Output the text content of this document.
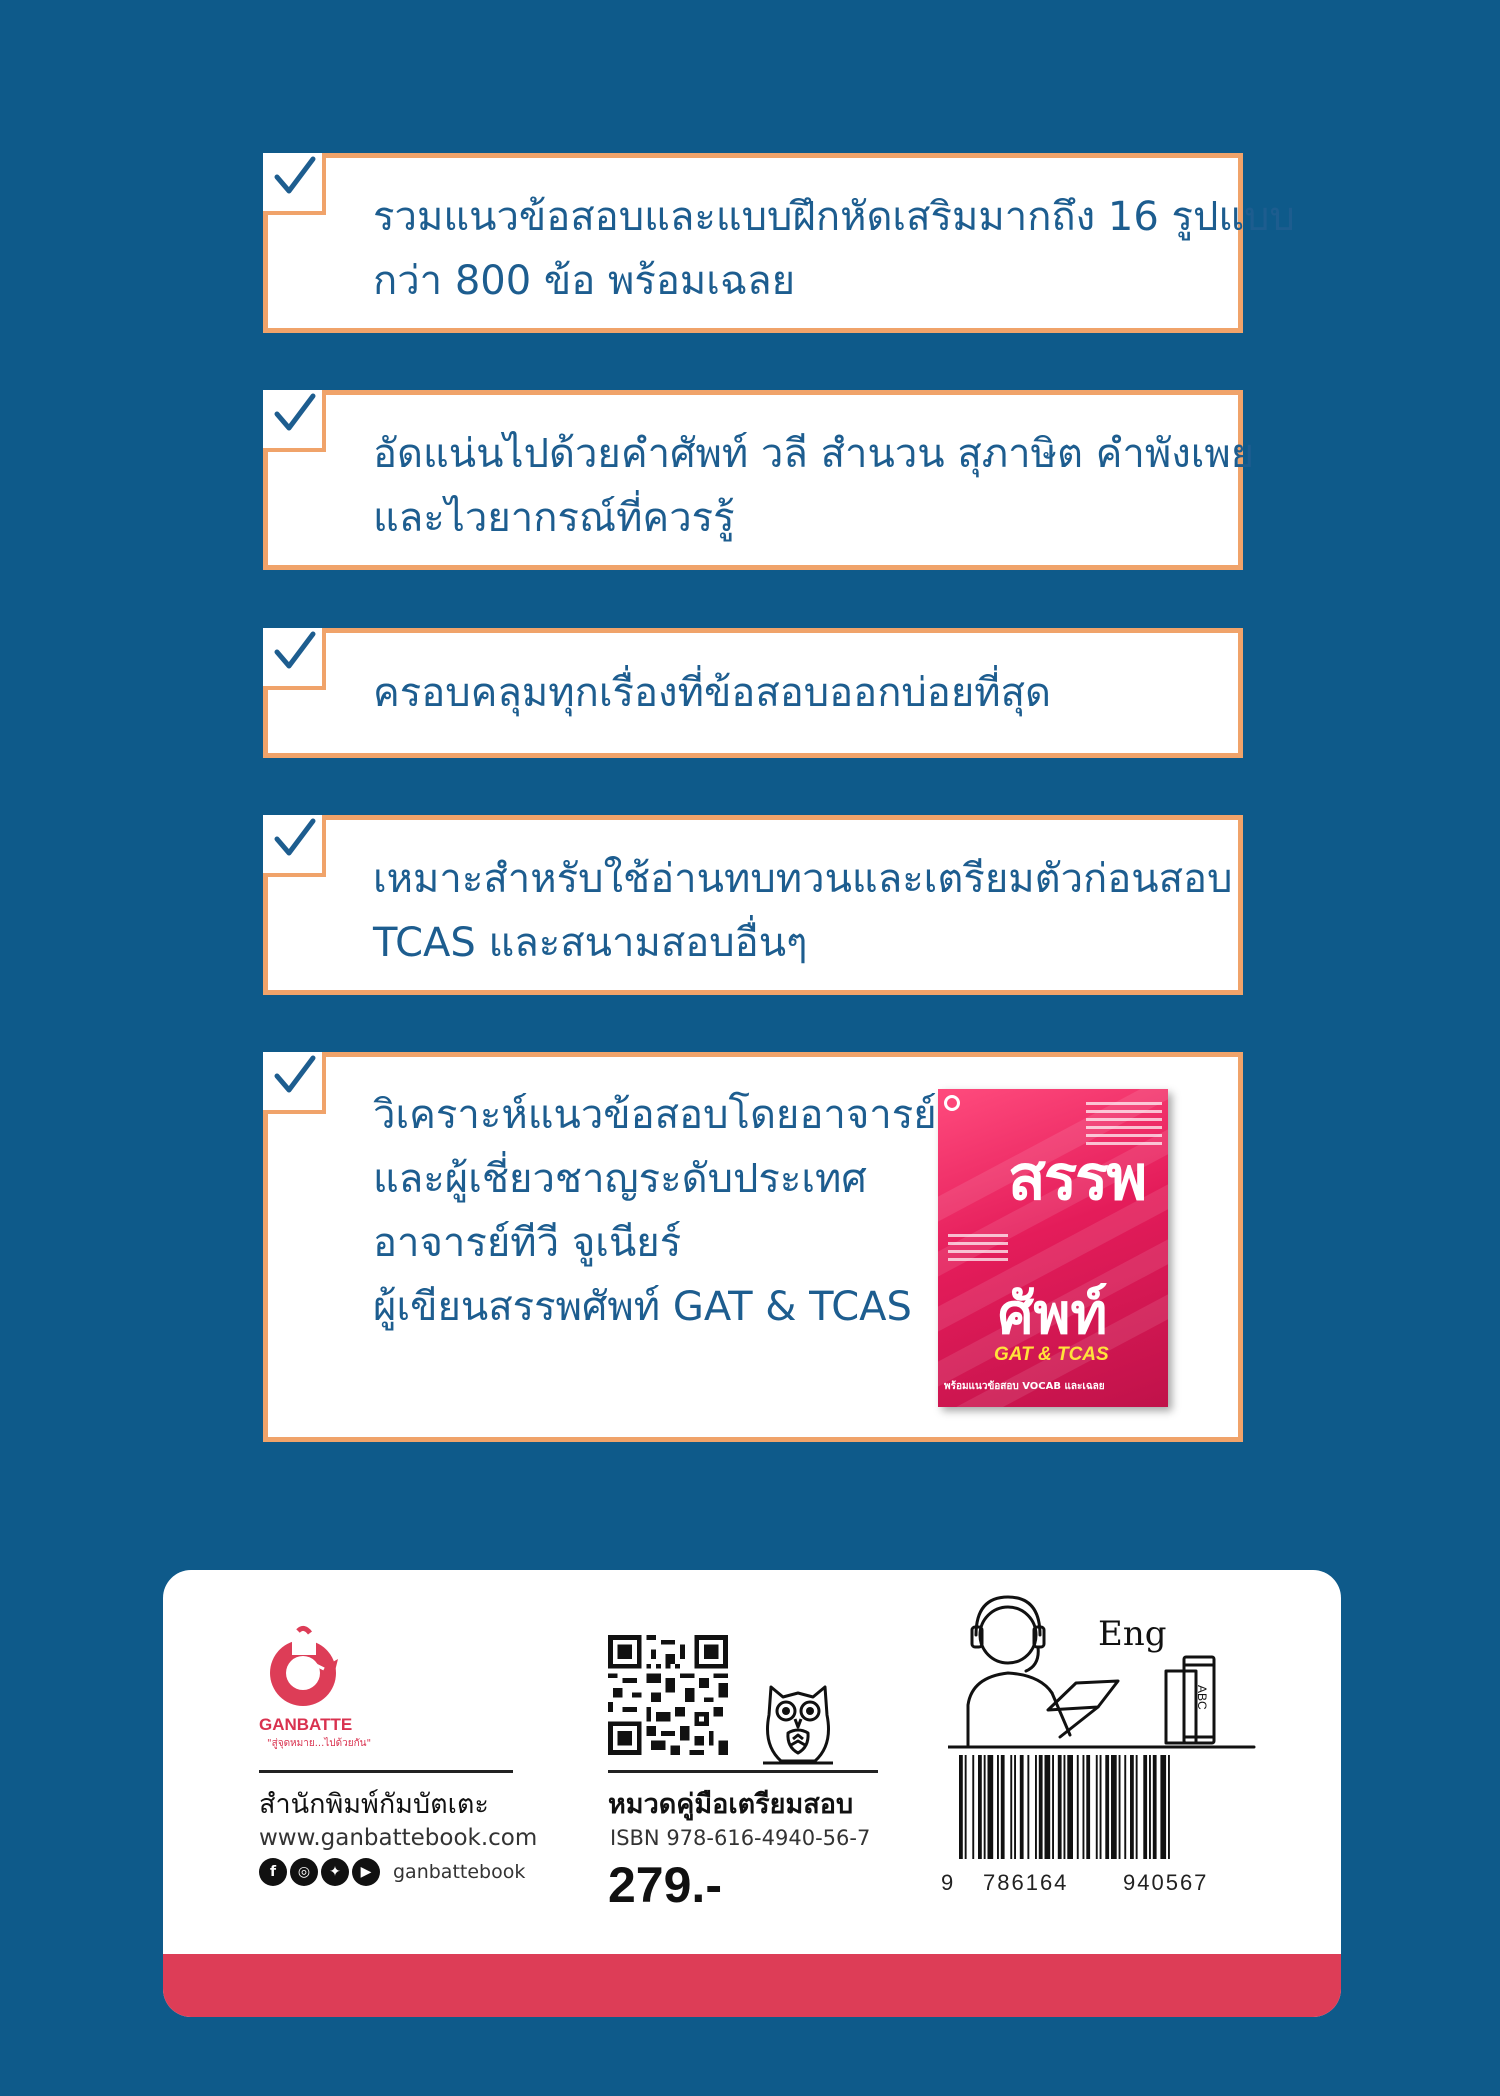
รวมแนวข้อสอบและแบบฝึกหัดเสริมมากถึง 16 รูปแบบ
กว่า 800 ข้อ พร้อมเฉลย
อัดแน่นไปด้วยคำศัพท์ วลี สำนวน สุภาษิต คำพังเพย
และไวยากรณ์ที่ควรรู้
ครอบคลุมทุกเรื่องที่ข้อสอบออกบ่อยที่สุด
เหมาะสำหรับใช้อ่านทบทวนและเตรียมตัวก่อนสอบ
TCAS และสนามสอบอื่นๆ
วิเคราะห์แนวข้อสอบโดยอาจารย์
และผู้เชี่ยวชาญระดับประเทศ
อาจารย์ทีวี จูเนียร์
ผู้เขียนสรรพศัพท์ GAT & TCAS
สรรพ
ศัพท์
GAT & TCAS
พร้อมแนวข้อสอบ VOCAB และเฉลย
GANBATTE
"สู่จุดหมาย...ไปด้วยกัน"
สำนักพิมพ์กัมบัตเตะ
www.ganbattebook.com
f	◎	✦	▶	ganbattebook
หมวดคู่มือเตรียมสอบ
ISBN 978-616-4940-56-7
279.-
Eng
ABC
9 786164 940567
